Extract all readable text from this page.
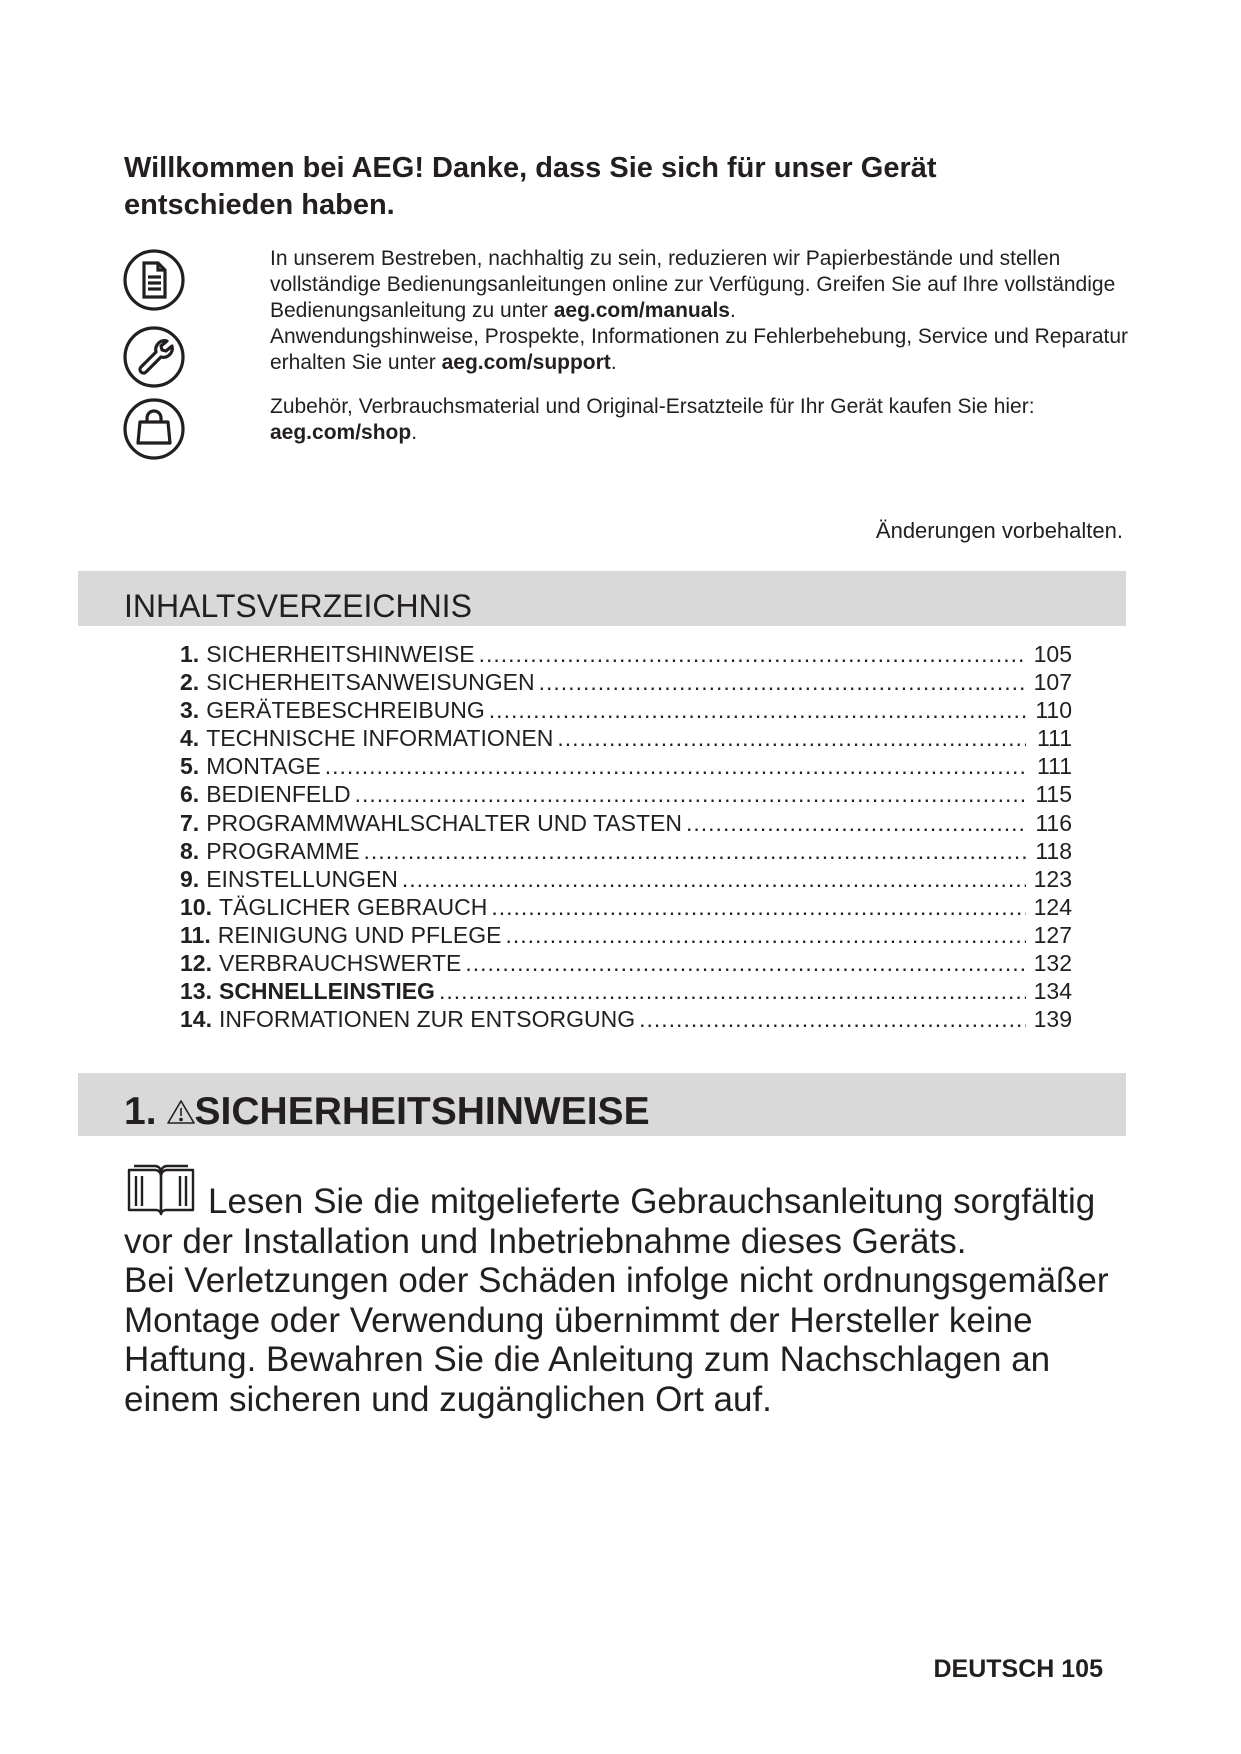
Willkommen bei AEG! Danke, dass Sie sich für unser Gerät entschieden haben.

In unserem Bestreben, nachhaltig zu sein, reduzieren wir Papierbestände und stellen vollständige Bedienungsanleitungen online zur Verfügung. Greifen Sie auf Ihre vollständige Bedienungsanleitung zu unter aeg.com/manuals.

Anwendungshinweise, Prospekte, Informationen zu Fehlerbehebung, Service und Reparatur erhalten Sie unter aeg.com/support.

Zubehör, Verbrauchsmaterial und Original-Ersatzteile für Ihr Gerät kaufen Sie hier: aeg.com/shop.

Änderungen vorbehalten.

INHALTSVERZEICHNIS
1. SICHERHEITSHINWEISE .....	105
2. SICHERHEITSANWEISUNGEN .....	107
3. GERÄTEBESCHREIBUNG .....	110
4. TECHNISCHE INFORMATIONEN .....	111
5. MONTAGE .....	111
6. BEDIENFELD .....	115
7. PROGRAMMWAHLSCHALTER UND TASTEN .....	116
8. PROGRAMME .....	118
9. EINSTELLUNGEN .....	123
10. TÄGLICHER GEBRAUCH .....	124
11. REINIGUNG UND PFLEGE .....	127
12. VERBRAUCHSWERTE .....	132
13. SCHNELLEINSTIEG .....	134
14. INFORMATIONEN ZUR ENTSORGUNG .....	139
1. SICHERHEITSHINWEISE

Lesen Sie die mitgelieferte Gebrauchsanleitung sorgfältig vor der Installation und Inbetriebnahme dieses Geräts.
Bei Verletzungen oder Schäden infolge nicht ordnungsgemäßer Montage oder Verwendung übernimmt der Hersteller keine Haftung. Bewahren Sie die Anleitung zum Nachschlagen an einem sicheren und zugänglichen Ort auf.

DEUTSCH 105
